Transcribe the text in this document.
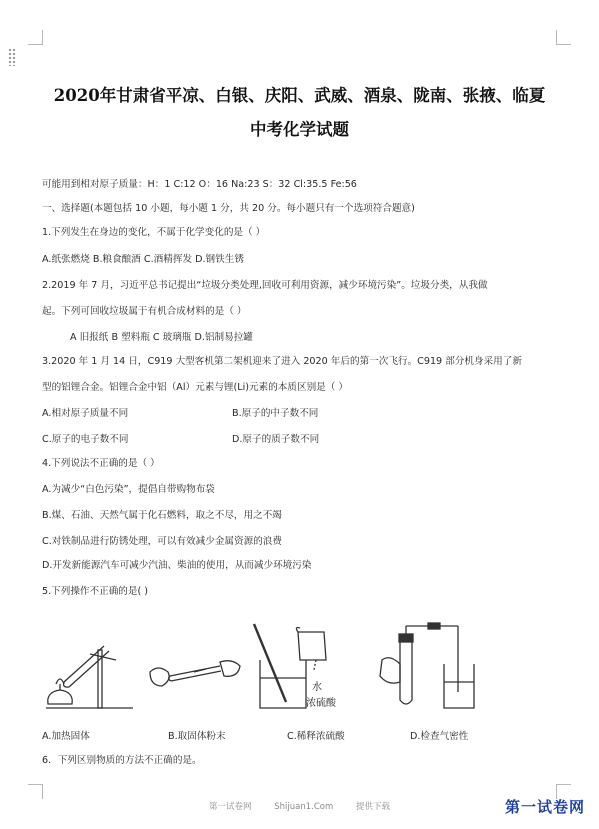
2020年甘肃省平凉、白银、庆阳、武威、酒泉、陇南、张掖、临夏
中考化学试题
可能用到相对原子质量：H：1 C:12 O：16 Na:23 S：32 Cl:35.5 Fe:56
一、选择题(本题包括 10 小题，每小题 1 分，共 20 分。每小题只有一个选项符合题意)
1.下列发生在身边的变化，不属于化学变化的是（ ）
A.纸张燃烧 B.粮食酿酒 C.酒精挥发 D.钢铁生锈
2.2019 年 7 月，习近平总书记提出“垃圾分类处理,回收可利用资源，减少环境污染”。垃圾分类，从我做
起。下列可回收垃圾属于有机合成材料的是（ ）
A 旧报纸 B 塑料瓶 C 玻璃瓶 D.铝制易拉罐
3.2020 年 1 月 14 日，C919 大型客机第二架机迎来了进入 2020 年后的第一次飞行。C919 部分机身采用了新
型的铝锂合金。铝锂合金中铝（Al）元素与锂(Li)元素的本质区别是（ ）
A.相对原子质量不同	B.原子的中子数不同
C.原子的电子数不同	D.原子的质子数不同
4.下列说法不正确的是（ ）
A.为减少“白色污染”，提倡自带购物布袋
B.煤、石油、天然气属于化石燃料，取之不尽，用之不竭
C.对铁制品进行防锈处理，可以有效减少金属资源的浪费
D.开发新能源汽车可减少汽油、柴油的使用，从而减少环境污染
5.下列操作不正确的是( )
水
浓硫酸
A.加热固体	B.取固体粉末	C.稀释浓硫酸	D.检查气密性
6．下列区别物质的方法不正确的是。
第一试卷网	Shijuan1.Com	提供下载	第一试卷网
